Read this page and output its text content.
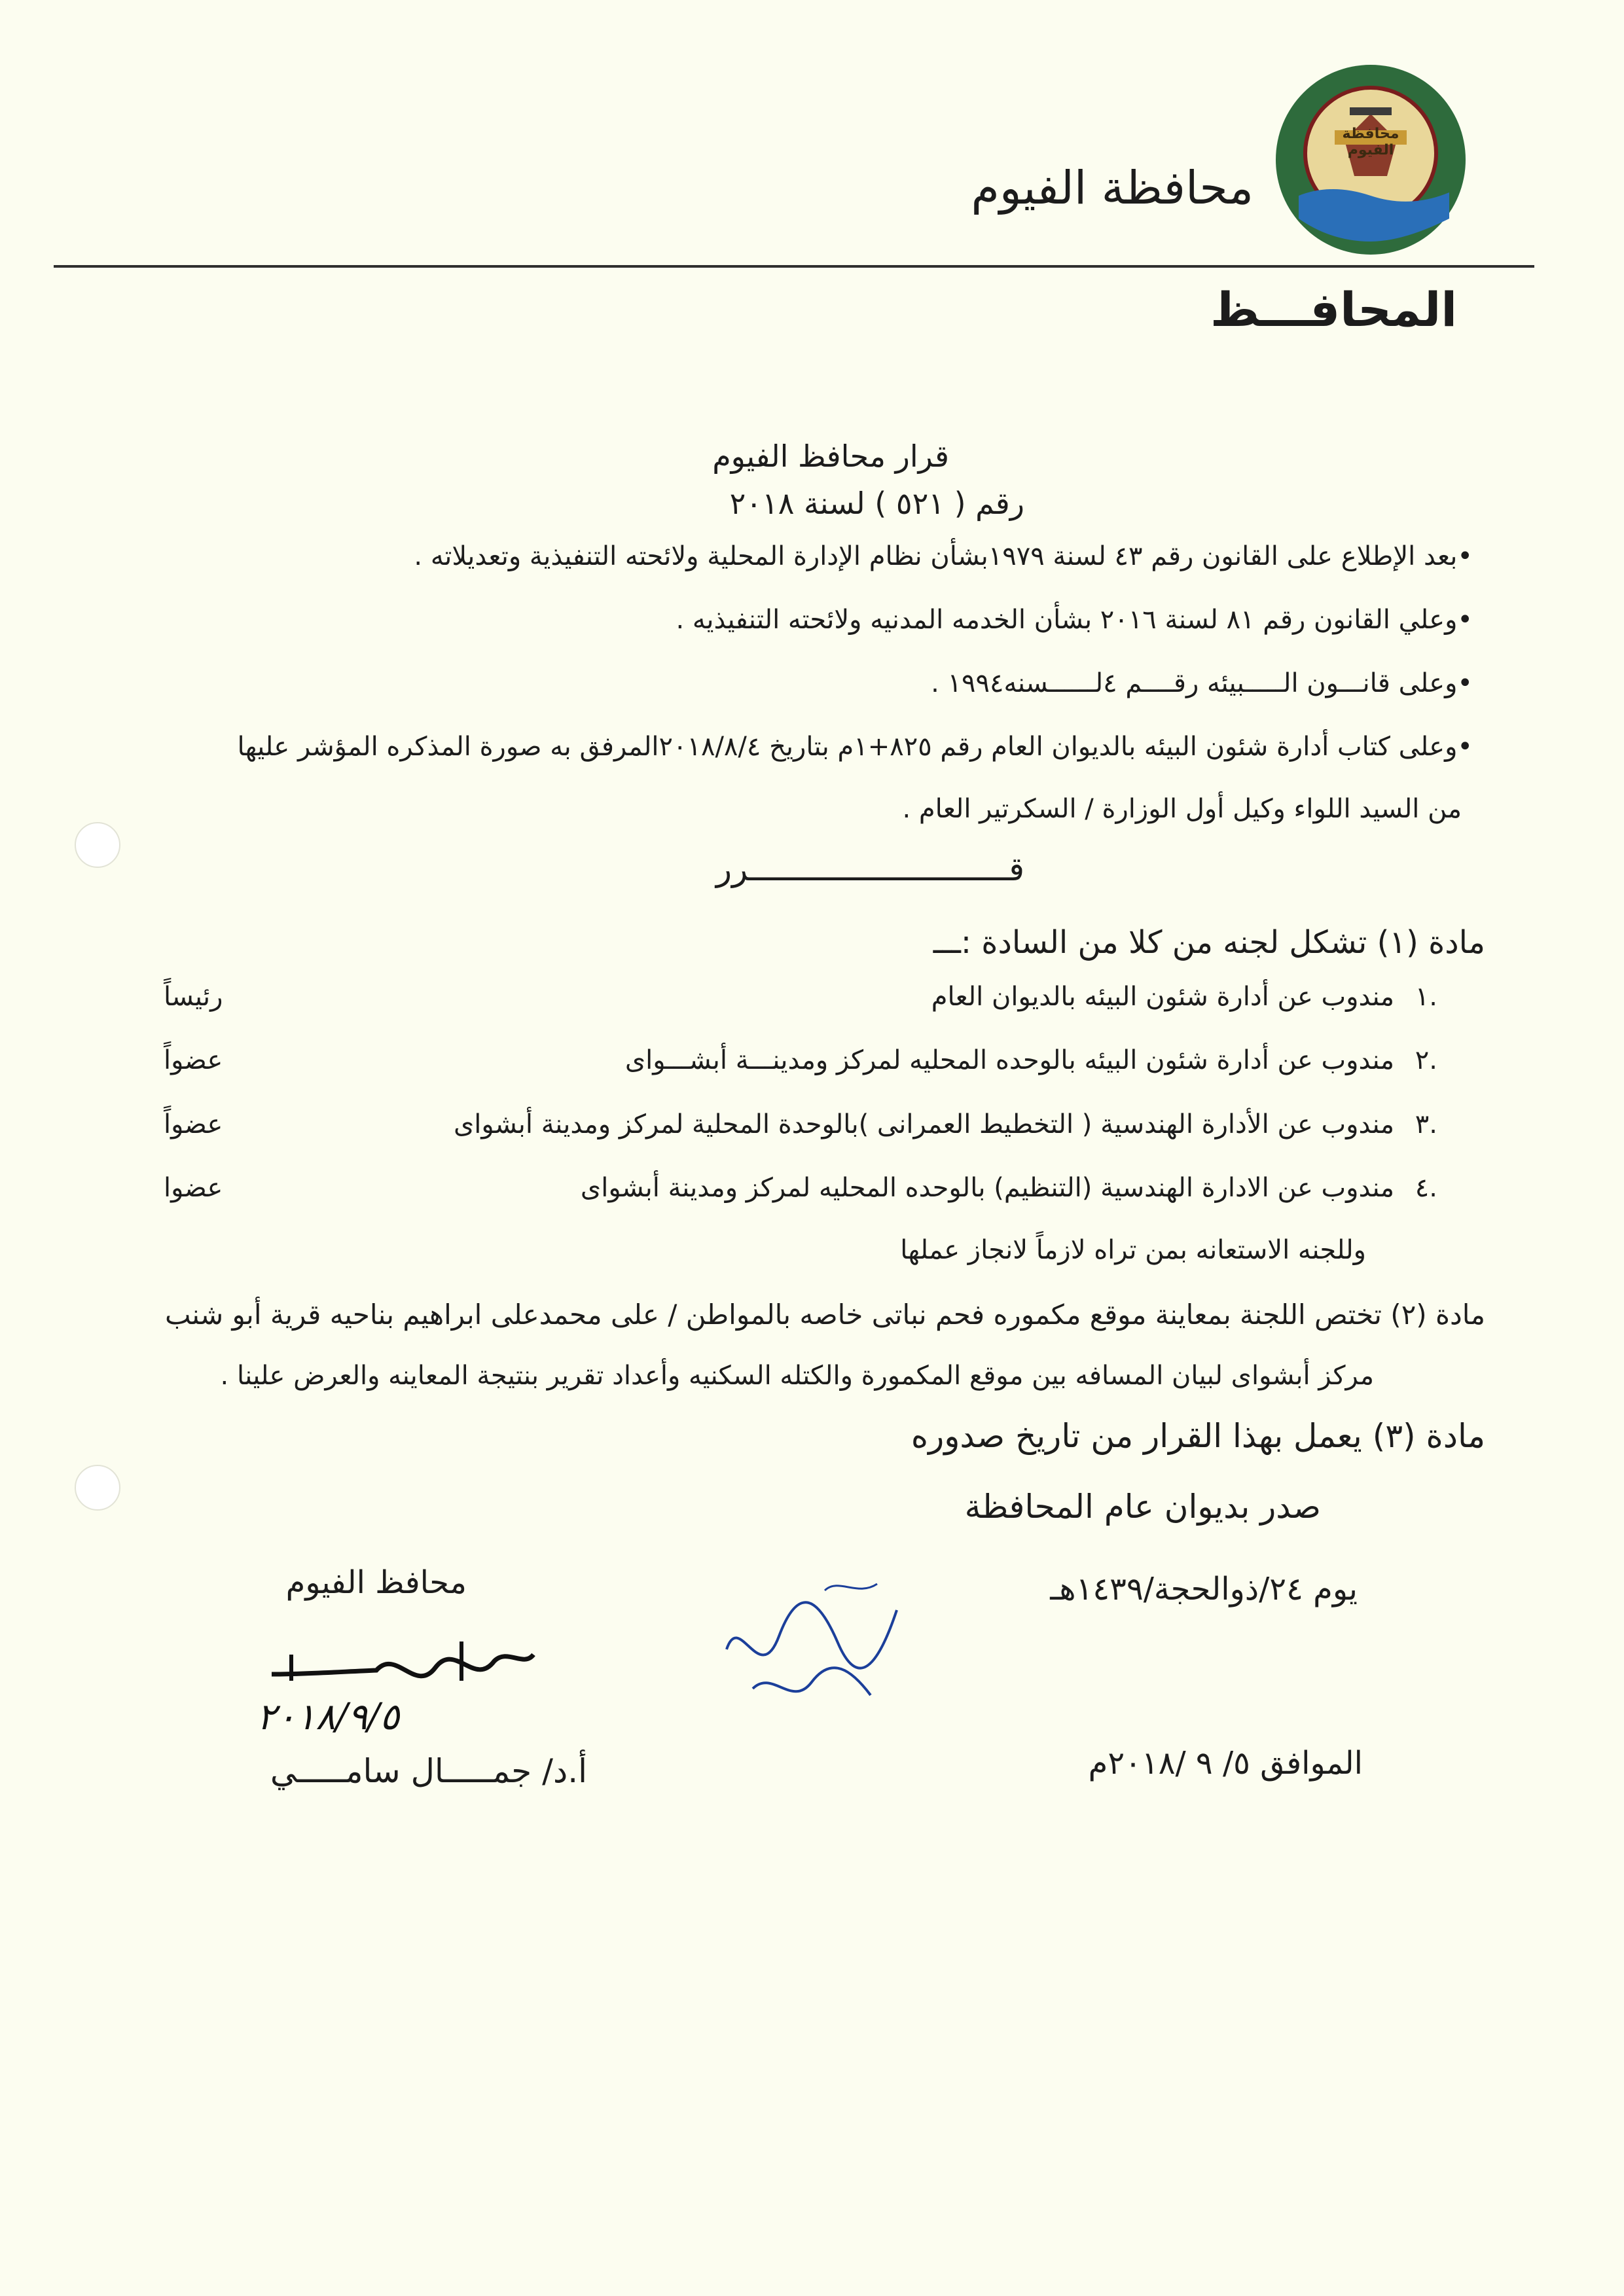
محافظة الفيوم
محافظة الفيوم
المحافـــظ
قرار محافظ الفيوم
رقم ( ٥٢١ ) لسنة ٢٠١٨
•بعد الإطلاع على القانون رقم ٤٣ لسنة ١٩٧٩بشأن نظام الإدارة المحلية ولائحته التنفيذية وتعديلاته .
•وعلي القانون رقم ٨١ لسنة ٢٠١٦ بشأن الخدمه المدنيه ولائحته التنفيذيه .
•وعلى قانـــون الـــــبيئه رقــــم ٤لــــــسنه١٩٩٤ .
•وعلى كتاب أدارة شئون البيئه بالديوان العام رقم ٨٢٥+١م بتاريخ ٢٠١٨/٨/٤المرفق به صورة المذكره المؤشر عليها
من السيد اللواء وكيل أول الوزارة / السكرتير العام .
قـــــــــــــــــــــــــــرر
مادة (١) تشكل لجنه من كلا من السادة :ـــ
١.
مندوب عن أدارة شئون البيئه بالديوان العام
رئيساً
٢.
مندوب عن أدارة شئون البيئه بالوحده المحليه لمركز ومدينـــة أبشـــواى
عضواً
٣.
مندوب عن الأدارة الهندسية ( التخطيط العمرانى )بالوحدة المحلية لمركز ومدينة أبشواى
عضواً
٤.
مندوب عن الادارة الهندسية (التنظيم) بالوحده المحليه لمركز ومدينة أبشواى
عضوا
وللجنه الاستعانه بمن تراه لازماً لانجاز عملها
مادة (٢) تختص اللجنة بمعاينة موقع مكموره فحم نباتى خاصه بالمواطن / على محمدعلى ابراهيم بناحيه قرية أبو شنب
مركز أبشواى لبيان المسافه بين موقع المكمورة والكتله السكنيه وأعداد تقرير بنتيجة المعاينه والعرض علينا .
مادة (٣) يعمل بهذا القرار من تاريخ صدوره
صدر بديوان عام المحافظة
يوم ٢٤/ذوالحجة/١٤٣٩هـ
الموافق ٥/ ٩ /٢٠١٨م
محافظ الفيوم
٢٠١٨/٩/٥
أ.د/ جمـــــال سامـــــي
